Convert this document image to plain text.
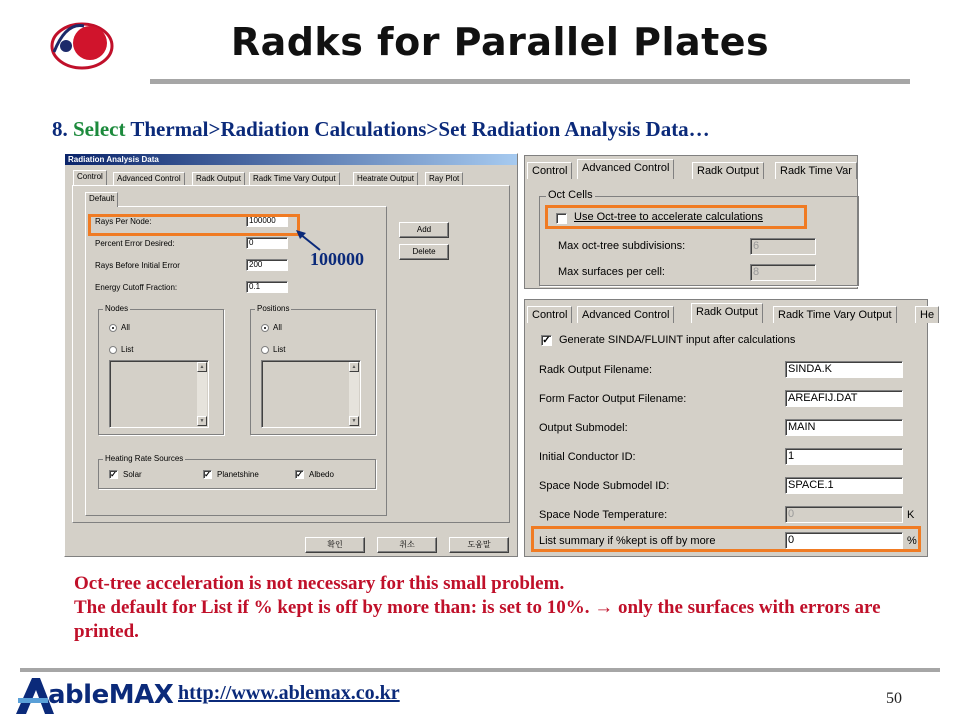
Radks for Parallel Plates
8. Select Thermal>Radiation Calculations>Set Radiation Analysis Data…
Radiation Analysis Data
Control	Advanced Control	Radk Output	Radk Time Vary Output	Heatrate Output	Ray Plot
Default
Rays Per Node:	100000
Percent Error Desired:	0
Rays Before Initial Error	200
Energy Cutoff Fraction:	0.1
Nodes
All
List
▲
▼
Positions
All
List
▲
▼
Heating Rate Sources
✓ Solar	✓ Planetshine	✓ Albedo
Add
Delete
확인	취소	도움말
100000
Control	Advanced Control	Radk Output	Radk Time Var
Oct Cells
Use Oct-tree to accelerate calculations
Max oct-tree subdivisions:	6
Max surfaces per cell:	8
Control	Advanced Control	Radk Output	Radk Time Vary Output	He
✓ Generate SINDA/FLUINT input after calculations
Radk Output Filename:	SINDA.K
Form Factor Output Filename:	AREAFIJ.DAT
Output Submodel:	MAIN
Initial Conductor ID:	1
Space Node Submodel ID:	SPACE.1
Space Node Temperature:	0	K
List summary if %kept is off by more	0	%
Oct-tree acceleration is not necessary for this small problem.
The default for List if % kept is off by more than: is set to 10%. → only the surfaces with errors are printed.
ableMAX http://www.ablemax.co.kr	50
